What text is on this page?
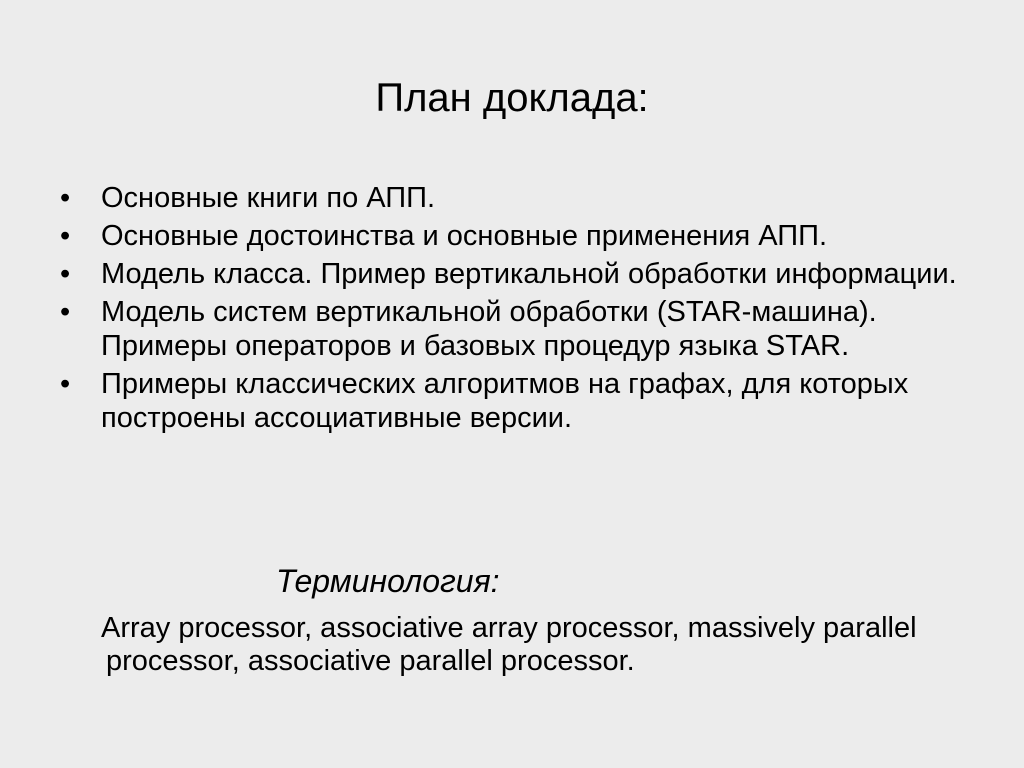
План доклада:
•	Основные книги по АПП.
•	Основные достоинства и основные применения АПП.
•	Модель класса. Пример вертикальной обработки информации.
•	Модель систем вертикальной обработки (STAR-машина). Примеры операторов и базовых процедур языка STAR.
•	Примеры классических алгоритмов на графах, для которых построены ассоциативные версии.
Терминология:
Array processor, associative array processor, massively parallel processor, associative parallel processor.
